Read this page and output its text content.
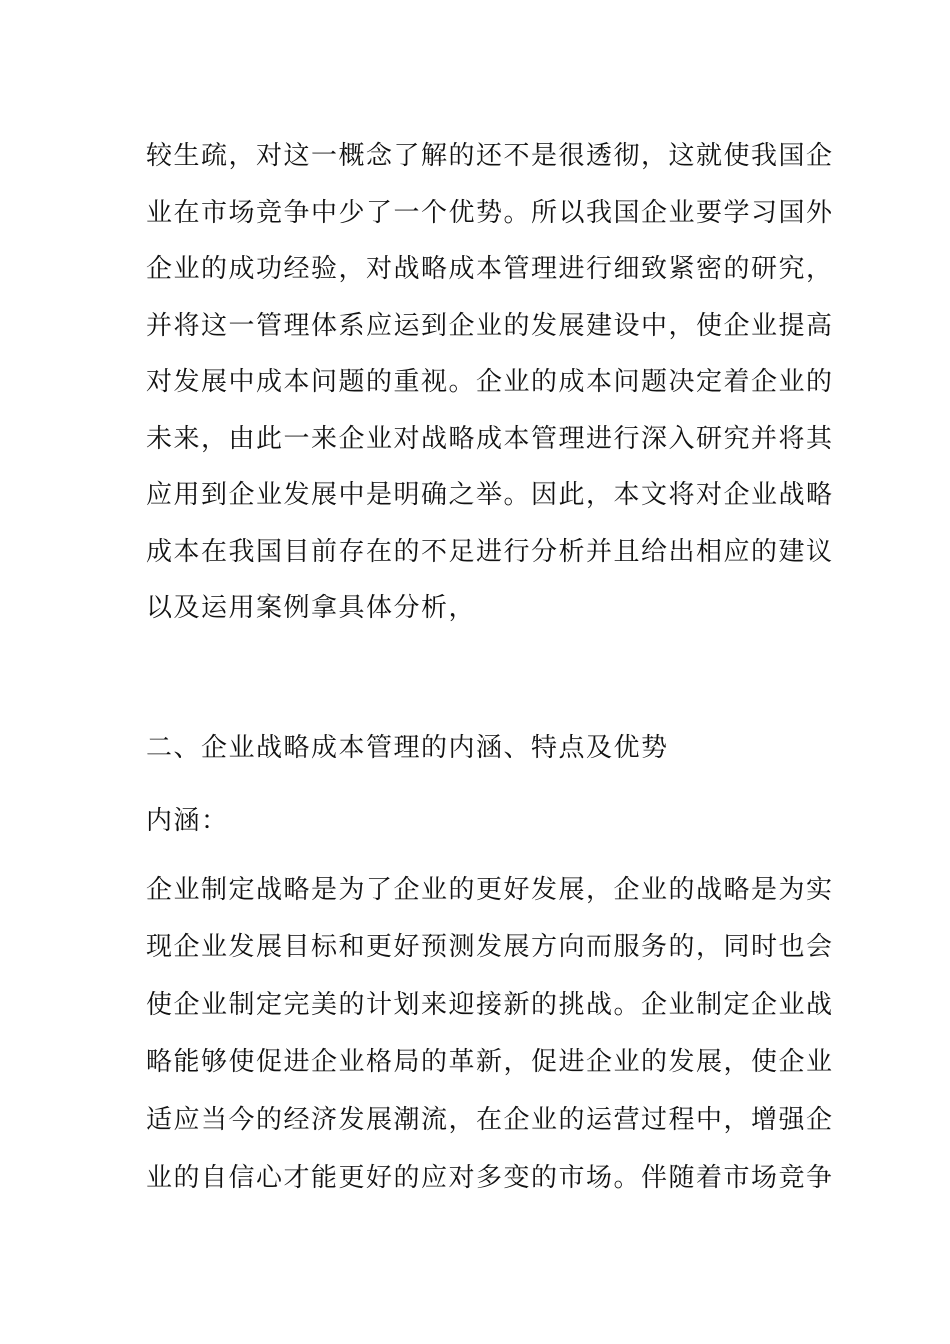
较生疏，对这一概念了解的还不是很透彻，这就使我国企
业在市场竞争中少了一个优势。所以我国企业要学习国外
企业的成功经验，对战略成本管理进行细致紧密的研究，
并将这一管理体系应运到企业的发展建设中，使企业提高
对发展中成本问题的重视。企业的成本问题决定着企业的
未来，由此一来企业对战略成本管理进行深入研究并将其
应用到企业发展中是明确之举。因此，本文将对企业战略
成本在我国目前存在的不足进行分析并且给出相应的建议
以及运用案例拿具体分析，
二、企业战略成本管理的内涵、特点及优势
内涵：
企业制定战略是为了企业的更好发展，企业的战略是为实
现企业发展目标和更好预测发展方向而服务的，同时也会
使企业制定完美的计划来迎接新的挑战。企业制定企业战
略能够使促进企业格局的革新，促进企业的发展，使企业
适应当今的经济发展潮流，在企业的运营过程中，增强企
业的自信心才能更好的应对多变的市场。伴随着市场竞争
